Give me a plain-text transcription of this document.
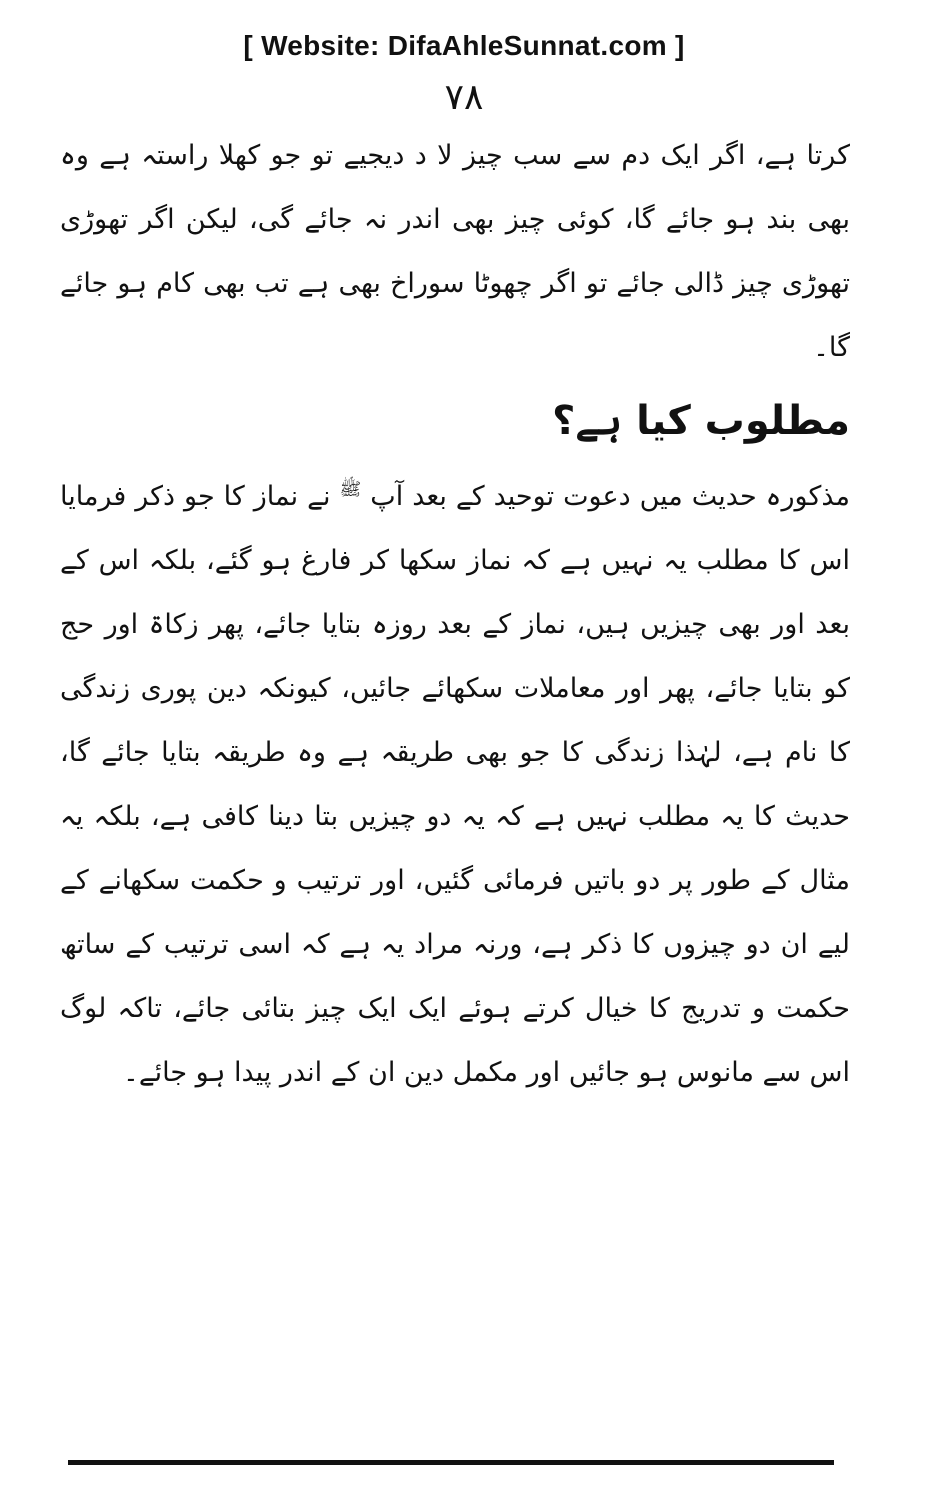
[ Website: DifaAhleSunnat.com ]
۷۸

کرتا ہے، اگر ایک دم سے سب چیز لا د دیجیے تو جو کھلا راستہ ہے وہ بھی بند ہو جائے گا، کوئی چیز بھی اندر نہ جائے گی، لیکن اگر تھوڑی تھوڑی چیز ڈالی جائے تو اگر چھوٹا سوراخ بھی ہے تب بھی کام ہو جائے گا۔

مطلوب کیا ہے؟

مذکورہ حدیث میں دعوت توحید کے بعد آپ $^ﷺ$ نے نماز کا جو ذکر فرمایا اس کا مطلب یہ نہیں ہے کہ نماز سکھا کر فارغ ہو گئے، بلکہ اس کے بعد اور بھی چیزیں ہیں، نماز کے بعد روزہ بتایا جائے، پھر زکاۃ اور حج کو بتایا جائے، پھر اور معاملات سکھائے جائیں، کیونکہ دین پوری زندگی کا نام ہے، لہٰذا زندگی کا جو بھی طریقہ ہے وہ طریقہ بتایا جائے گا، حدیث کا یہ مطلب نہیں ہے کہ یہ دو چیزیں بتا دینا کافی ہے، بلکہ یہ مثال کے طور پر دو باتیں فرمائی گئیں، اور ترتیب و حکمت سکھانے کے لیے ان دو چیزوں کا ذکر ہے، ورنہ مراد یہ ہے کہ اسی ترتیب کے ساتھ حکمت و تدریج کا خیال کرتے ہوئے ایک ایک چیز بتائی جائے، تاکہ لوگ اس سے مانوس ہو جائیں اور مکمل دین ان کے اندر پیدا ہو جائے۔
